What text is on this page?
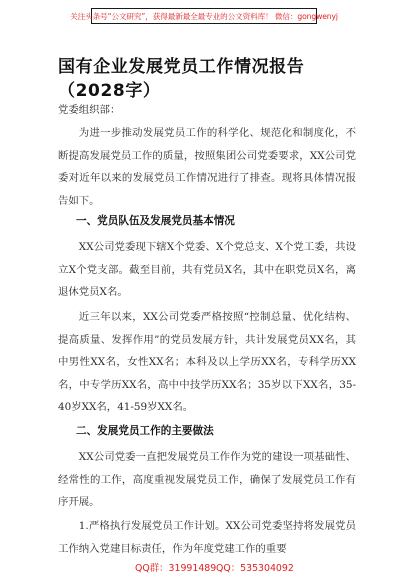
关注头条号“公文研究”，获得最新最全最专业的公文资料库！ 微信：gongwenyj
国有企业发展党员工作情况报告（2028字）

党委组织部：

为进一步推动发展党员工作的科学化、规范化和制度化，不断提高发展党员工作的质量，按照集团公司党委要求，XX公司党委对近年以来的发展党员工作情况进行了排查。现将具体情况报告如下。

一、党员队伍及发展党员基本情况

XX公司党委现下辖X个党委、X个党总支、X个党工委，共设立X个党支部。截至目前，共有党员X名，其中在职党员X名，离退休党员X名。

近三年以来，XX公司党委严格按照“控制总量、优化结构、提高质量、发挥作用”的党员发展方针，共计发展党员XX名，其中男性XX名，女性XX名；本科及以上学历XX名，专科学历XX名，中专学历XX名，高中中技学历XX名；35岁以下XX名，35-40岁XX名，41-59岁XX名。

二、发展党员工作的主要做法

XX公司党委一直把发展党员工作作为党的建设一项基础性、经常性的工作，高度重视发展党员工作，确保了发展党员工作有序开展。

1.严格执行发展党员工作计划。XX公司党委坚持将发展党员工作纳入党建目标责任，作为年度党建工作的重要

QQ群：31991489 QQ：535304092
